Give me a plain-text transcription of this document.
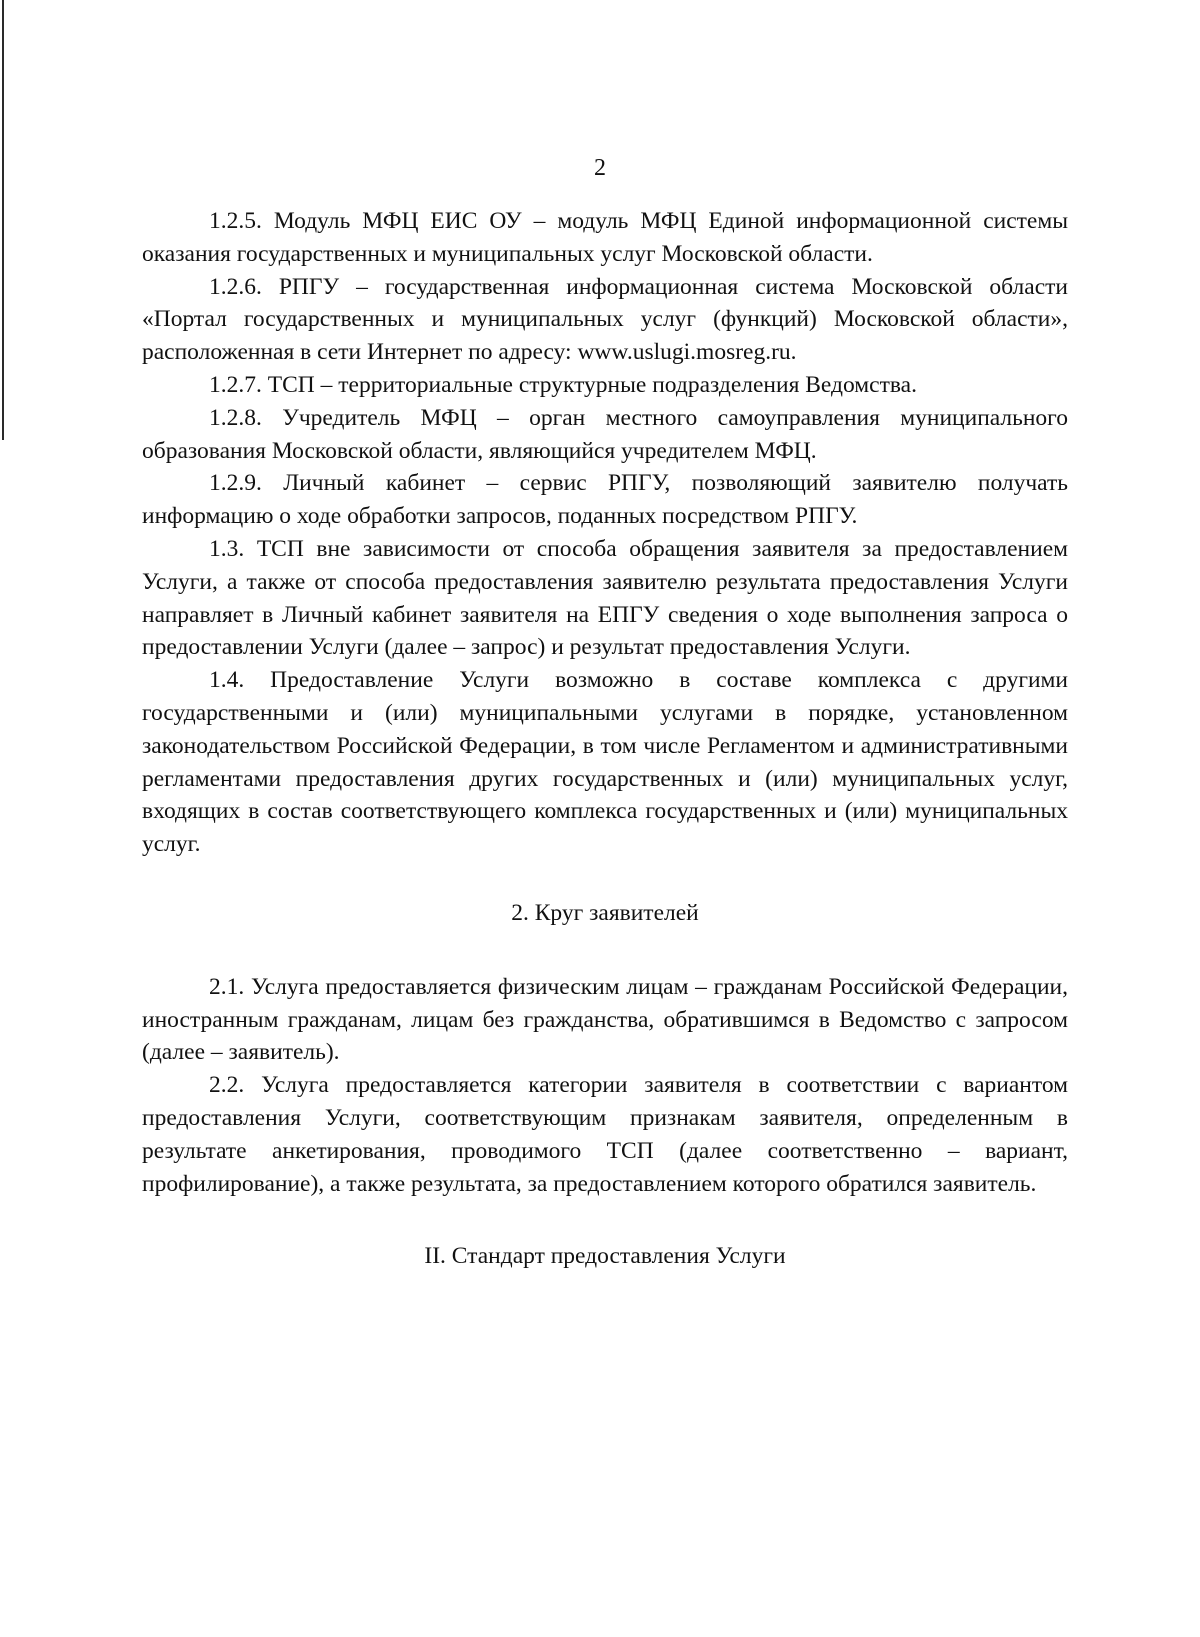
2

1.2.5. Модуль МФЦ ЕИС ОУ – модуль МФЦ Единой информационной системы оказания государственных и муниципальных услуг Московской области.

1.2.6. РПГУ – государственная информационная система Московской области «Портал государственных и муниципальных услуг (функций) Московской области», расположенная в сети Интернет по адресу: www.uslugi.mosreg.ru.

1.2.7. ТСП – территориальные структурные подразделения Ведомства.

1.2.8. Учредитель МФЦ – орган местного самоуправления муниципального образования Московской области, являющийся учредителем МФЦ.

1.2.9. Личный кабинет – сервис РПГУ, позволяющий заявителю получать информацию о ходе обработки запросов, поданных посредством РПГУ.

1.3. ТСП вне зависимости от способа обращения заявителя за предоставлением Услуги, а также от способа предоставления заявителю результата предоставления Услуги направляет в Личный кабинет заявителя на ЕПГУ сведения о ходе выполнения запроса о предоставлении Услуги (далее – запрос) и результат предоставления Услуги.

1.4. Предоставление Услуги возможно в составе комплекса с другими государственными и (или) муниципальными услугами в порядке, установленном законодательством Российской Федерации, в том числе Регламентом и административными регламентами предоставления других государственных и (или) муниципальных услуг, входящих в состав соответствующего комплекса государственных и (или) муниципальных услуг.

2. Круг заявителей

2.1. Услуга предоставляется физическим лицам – гражданам Российской Федерации, иностранным гражданам, лицам без гражданства, обратившимся в Ведомство с запросом (далее – заявитель).

2.2. Услуга предоставляется категории заявителя в соответствии с вариантом предоставления Услуги, соответствующим признакам заявителя, определенным в результате анкетирования, проводимого ТСП (далее соответственно – вариант, профилирование), а также результата, за предоставлением которого обратился заявитель.

II. Стандарт предоставления Услуги
